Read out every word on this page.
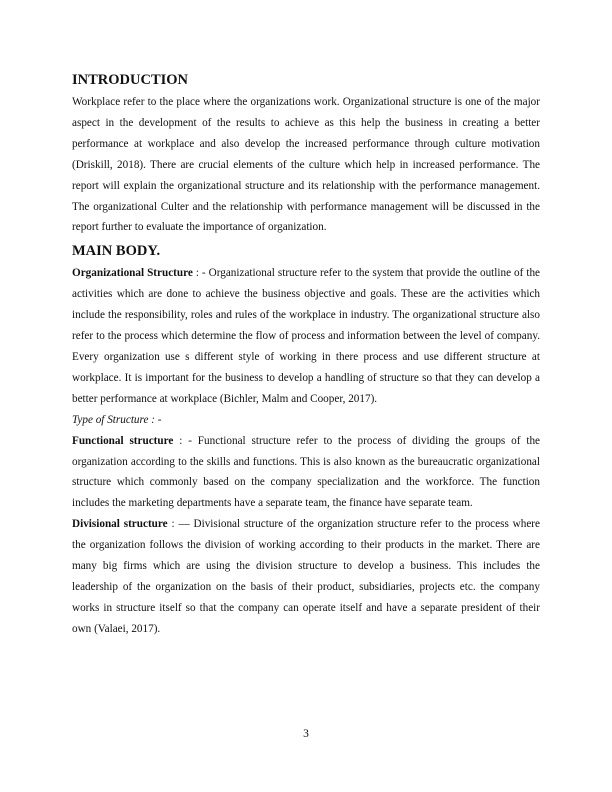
INTRODUCTION

Workplace refer to the place where the organizations work. Organizational structure is one of the major aspect in the development of the results to achieve as this help the business in creating a better performance at workplace and also develop the increased performance through culture motivation (Driskill, 2018). There are crucial elements of the culture which help in increased performance. The report will explain the organizational structure and its relationship with the performance management. The organizational Culter and the relationship with performance management will be discussed in the report further to evaluate the importance of organization.

MAIN BODY.

Organizational Structure : - Organizational structure refer to the system that provide the outline of the activities which are done to achieve the business objective and goals. These are the activities which include the responsibility, roles and rules of the workplace in industry. The organizational structure also refer to the process which determine the flow of process and information between the level of company. Every organization use s different style of working in there process and use different structure at workplace. It is important for the business to develop a handling of structure so that they can develop a better performance at workplace (Bichler, Malm and Cooper, 2017).

Type of Structure : -

Functional structure : - Functional structure refer to the process of dividing the groups of the organization according to the skills and functions. This is also known as the bureaucratic organizational structure which commonly based on the company specialization and the workforce. The function includes the marketing departments have a separate team, the finance have separate team.

Divisional structure : — Divisional structure of the organization structure refer to the process where the organization follows the division of working according to their products in the market. There are many big firms which are using the division structure to develop a business. This includes the leadership of the organization on the basis of their product, subsidiaries, projects etc. the company works in structure itself so that the company can operate itself and have a separate president of their own (Valaei, 2017).

3
